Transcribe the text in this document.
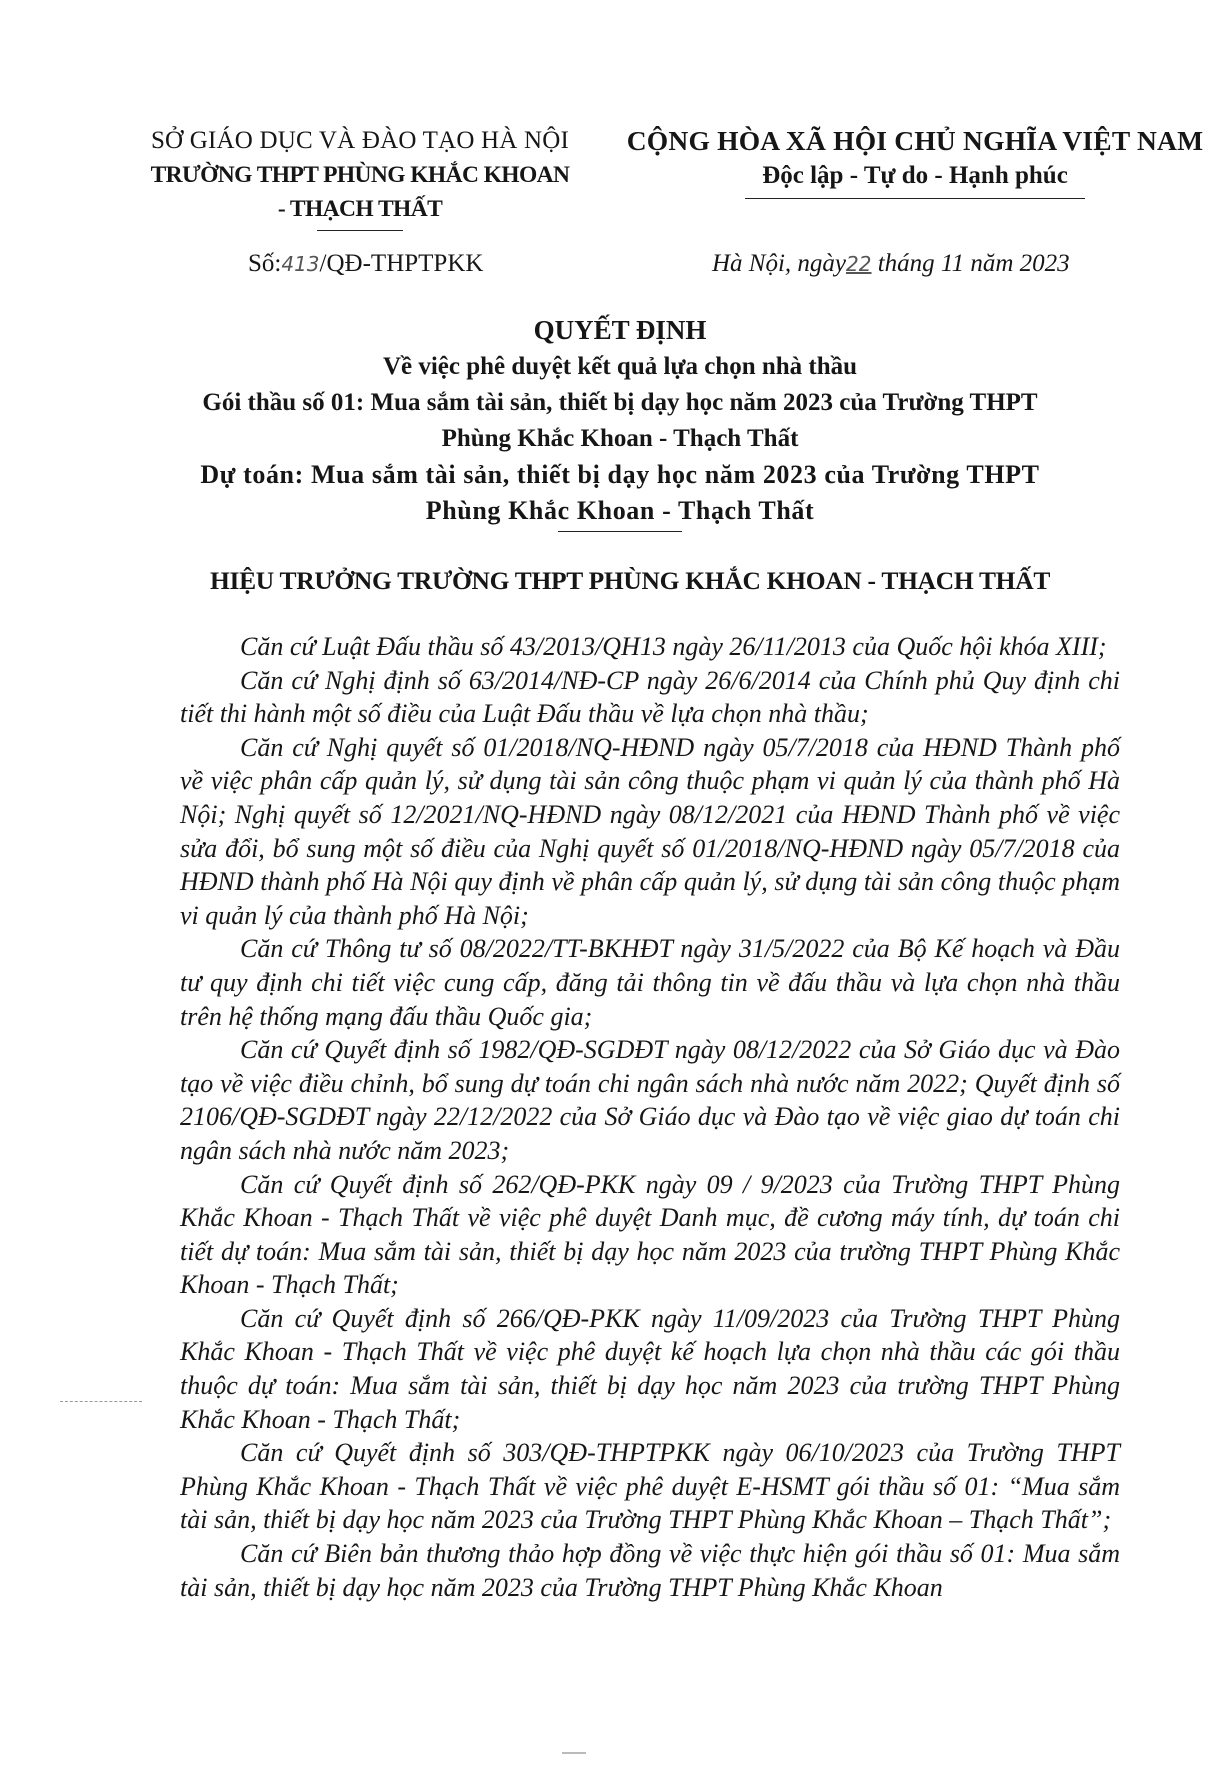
SỞ GIÁO DỤC VÀ ĐÀO TẠO HÀ NỘI
TRƯỜNG THPT PHÙNG KHẮC KHOAN
- THẠCH THẤT
CỘNG HÒA XÃ HỘI CHỦ NGHĨA VIỆT NAM
Độc lập - Tự do - Hạnh phúc
Số:413/QĐ-THPTPKK	Hà Nội, ngày22 tháng 11 năm 2023
QUYẾT ĐỊNH
Về việc phê duyệt kết quả lựa chọn nhà thầu
Gói thầu số 01: Mua sắm tài sản, thiết bị dạy học năm 2023 của Trường THPT
Phùng Khắc Khoan - Thạch Thất
Dự toán: Mua sắm tài sản, thiết bị dạy học năm 2023 của Trường THPT
Phùng Khắc Khoan - Thạch Thất
HIỆU TRƯỞNG TRƯỜNG THPT PHÙNG KHẮC KHOAN - THẠCH THẤT

Căn cứ Luật Đấu thầu số 43/2013/QH13 ngày 26/11/2013 của Quốc hội khóa XIII;

Căn cứ Nghị định số 63/2014/NĐ-CP ngày 26/6/2014 của Chính phủ Quy định chi tiết thi hành một số điều của Luật Đấu thầu về lựa chọn nhà thầu;

Căn cứ Nghị quyết số 01/2018/NQ-HĐND ngày 05/7/2018 của HĐND Thành phố về việc phân cấp quản lý, sử dụng tài sản công thuộc phạm vi quản lý của thành phố Hà Nội; Nghị quyết số 12/2021/NQ-HĐND ngày 08/12/2021 của HĐND Thành phố về việc sửa đổi, bổ sung một số điều của Nghị quyết số 01/2018/NQ-HĐND ngày 05/7/2018 của HĐND thành phố Hà Nội quy định về phân cấp quản lý, sử dụng tài sản công thuộc phạm vi quản lý của thành phố Hà Nội;

Căn cứ Thông tư số 08/2022/TT-BKHĐT ngày 31/5/2022 của Bộ Kế hoạch và Đầu tư quy định chi tiết việc cung cấp, đăng tải thông tin về đấu thầu và lựa chọn nhà thầu trên hệ thống mạng đấu thầu Quốc gia;

Căn cứ Quyết định số 1982/QĐ-SGDĐT ngày 08/12/2022 của Sở Giáo dục và Đào tạo về việc điều chỉnh, bổ sung dự toán chi ngân sách nhà nước năm 2022; Quyết định số 2106/QĐ-SGDĐT ngày 22/12/2022 của Sở Giáo dục và Đào tạo về việc giao dự toán chi ngân sách nhà nước năm 2023;

Căn cứ Quyết định số 262/QĐ-PKK ngày 09 / 9/2023 của Trường THPT Phùng Khắc Khoan - Thạch Thất về việc phê duyệt Danh mục, đề cương máy tính, dự toán chi tiết dự toán: Mua sắm tài sản, thiết bị dạy học năm 2023 của trường THPT Phùng Khắc Khoan - Thạch Thất;

Căn cứ Quyết định số 266/QĐ-PKK ngày 11/09/2023 của Trường THPT Phùng Khắc Khoan - Thạch Thất về việc phê duyệt kế hoạch lựa chọn nhà thầu các gói thầu thuộc dự toán: Mua sắm tài sản, thiết bị dạy học năm 2023 của trường THPT Phùng Khắc Khoan - Thạch Thất;

Căn cứ Quyết định số 303/QĐ-THPTPKK ngày 06/10/2023 của Trường THPT Phùng Khắc Khoan - Thạch Thất về việc phê duyệt E-HSMT gói thầu số 01: “Mua sắm tài sản, thiết bị dạy học năm 2023 của Trường THPT Phùng Khắc Khoan – Thạch Thất”;

Căn cứ Biên bản thương thảo hợp đồng về việc thực hiện gói thầu số 01: Mua sắm tài sản, thiết bị dạy học năm 2023 của Trường THPT Phùng Khắc Khoan
